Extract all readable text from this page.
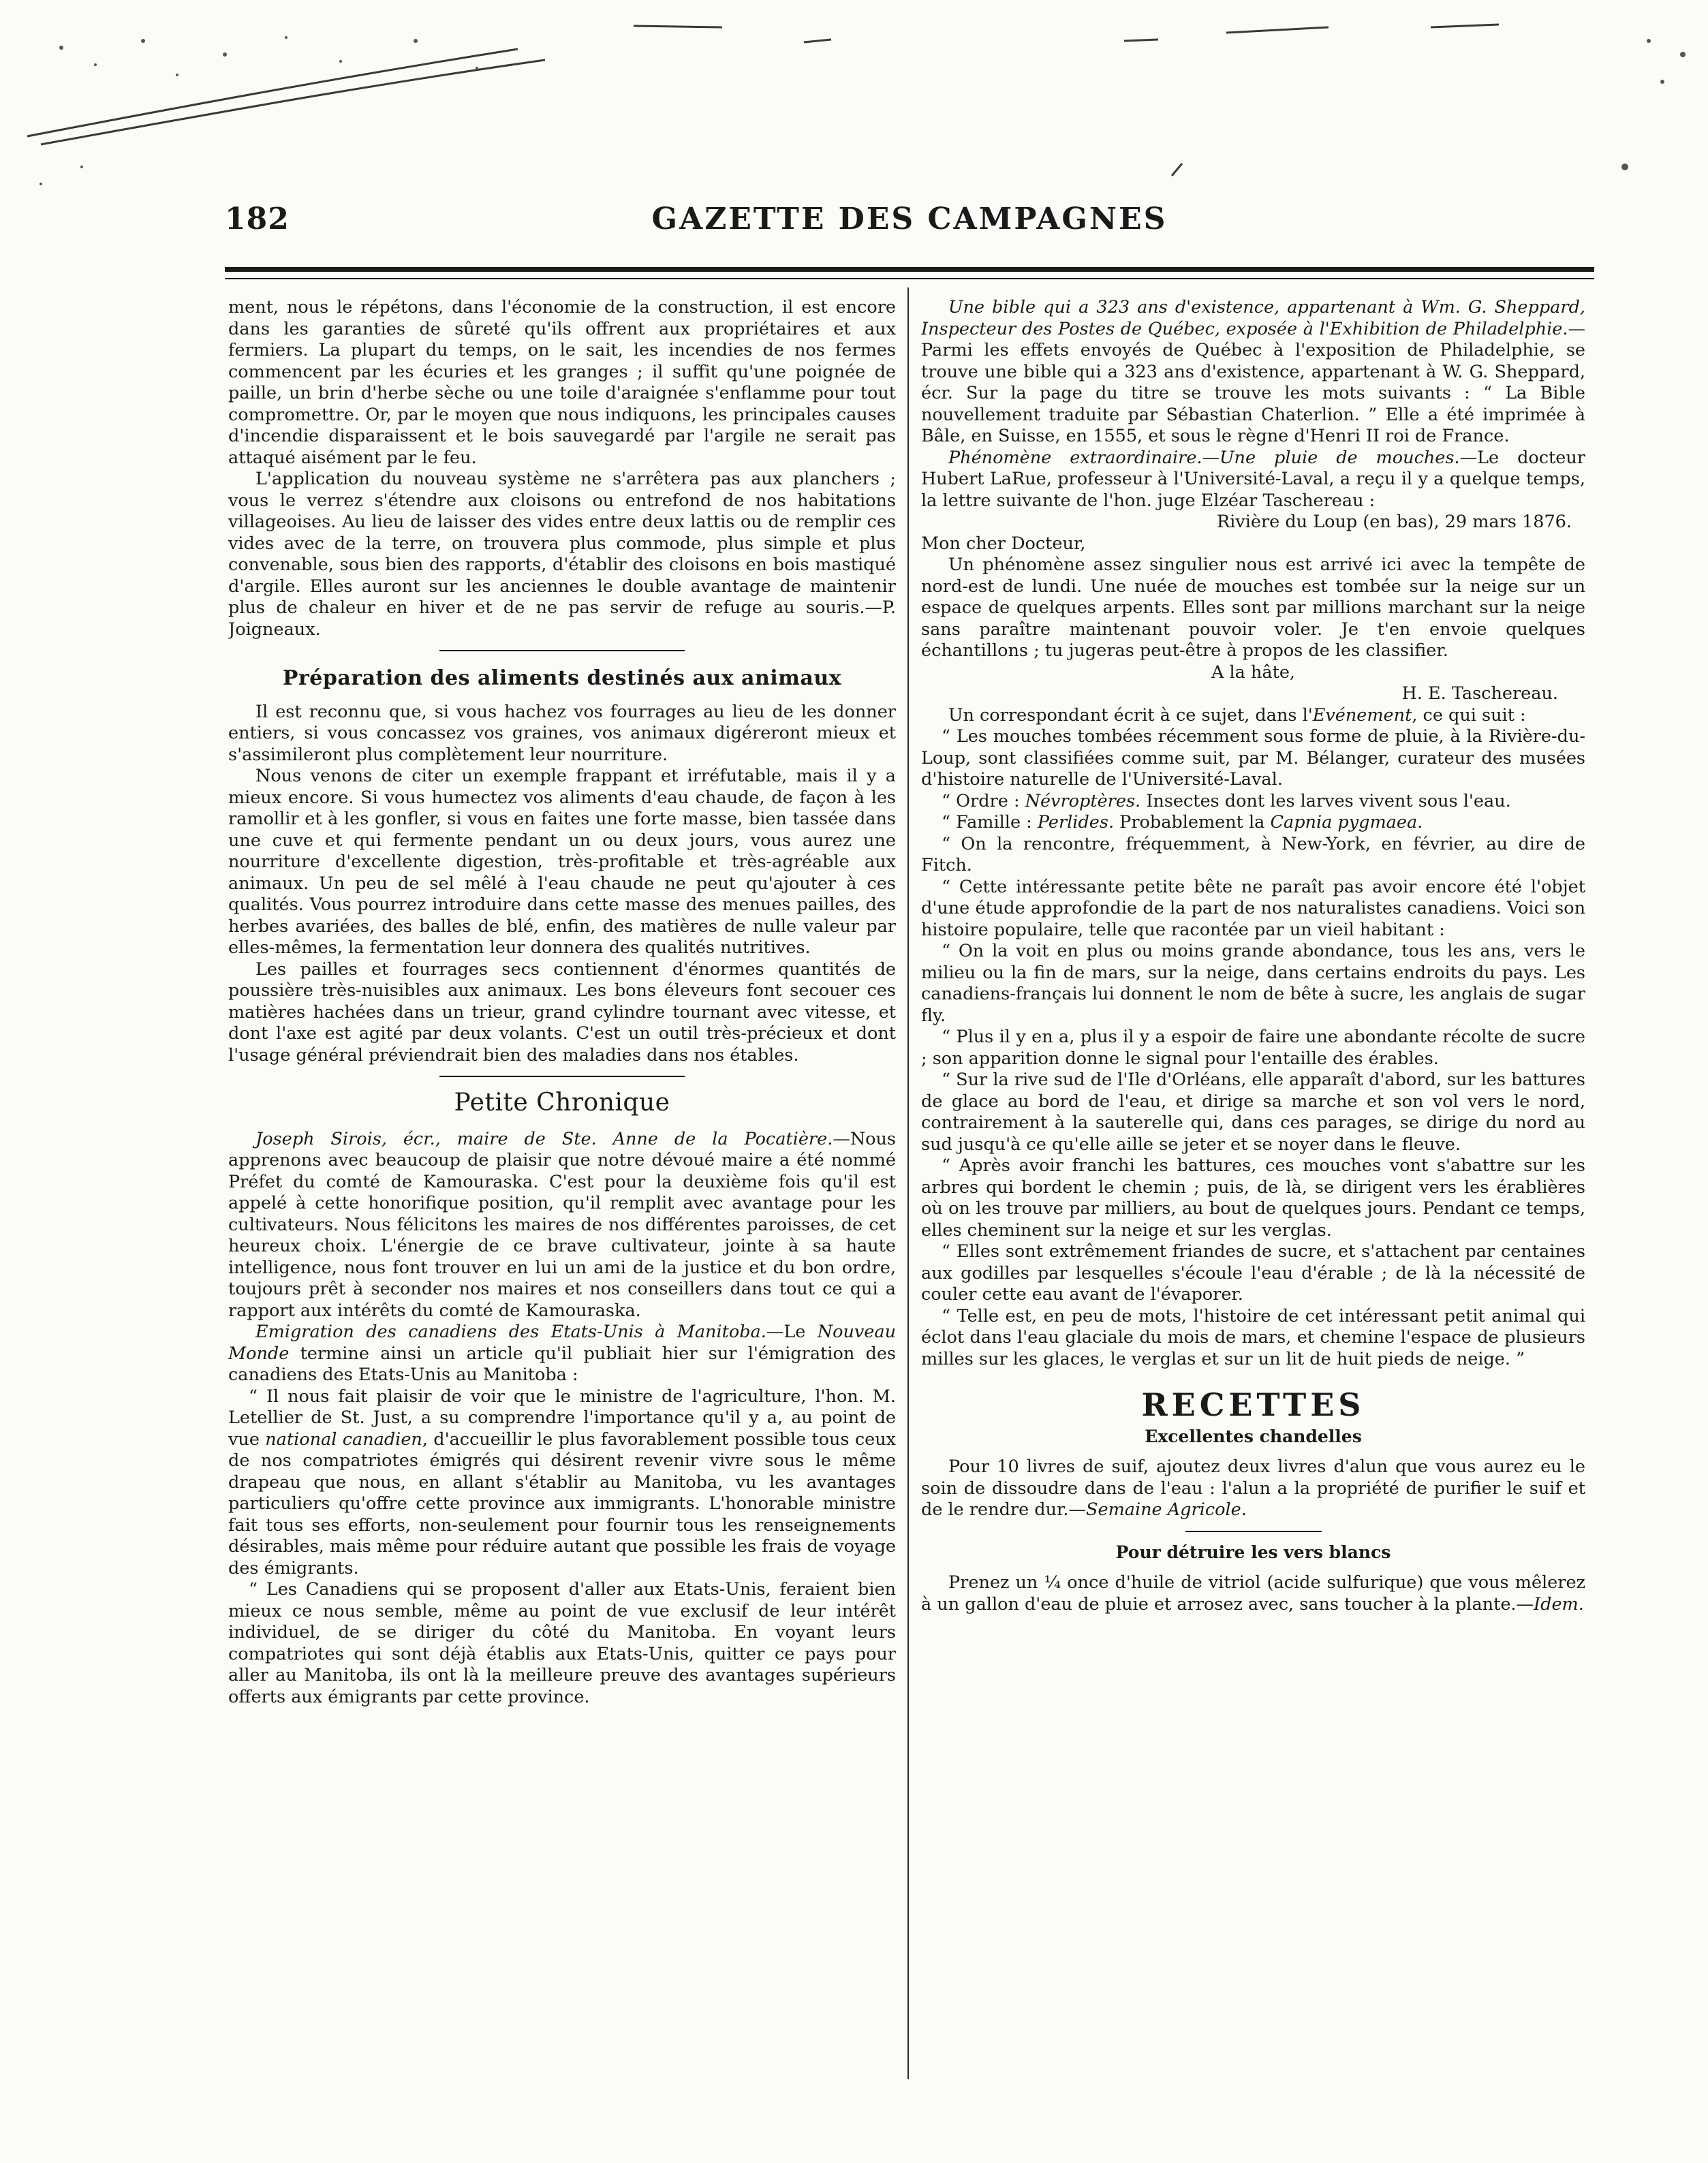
182	GAZETTE DES CAMPAGNES

ment, nous le répétons, dans l'économie de la construction, il est encore dans les garanties de sûreté qu'ils offrent aux propriétaires et aux fermiers. La plupart du temps, on le sait, les incendies de nos fermes commencent par les écuries et les granges ; il suffit qu'une poignée de paille, un brin d'herbe sèche ou une toile d'araignée s'enflamme pour tout compromettre. Or, par le moyen que nous indiquons, les principales causes d'incendie disparaissent et le bois sauvegardé par l'argile ne serait pas attaqué aisément par le feu.

L'application du nouveau système ne s'arrêtera pas aux planchers ; vous le verrez s'étendre aux cloisons ou entrefond de nos habitations villageoises. Au lieu de laisser des vides entre deux lattis ou de remplir ces vides avec de la terre, on trouvera plus commode, plus simple et plus convenable, sous bien des rapports, d'établir des cloisons en bois mastiqué d'argile. Elles auront sur les anciennes le double avantage de maintenir plus de chaleur en hiver et de ne pas servir de refuge au souris.—P. Joigneaux.

Préparation des aliments destinés aux animaux

Il est reconnu que, si vous hachez vos fourrages au lieu de les donner entiers, si vous concassez vos graines, vos animaux digéreront mieux et s'assimileront plus complètement leur nourriture.

Nous venons de citer un exemple frappant et irréfutable, mais il y a mieux encore. Si vous humectez vos aliments d'eau chaude, de façon à les ramollir et à les gonfler, si vous en faites une forte masse, bien tassée dans une cuve et qui fermente pendant un ou deux jours, vous aurez une nourriture d'excellente digestion, très-profitable et très-agréable aux animaux. Un peu de sel mêlé à l'eau chaude ne peut qu'ajouter à ces qualités. Vous pourrez introduire dans cette masse des menues pailles, des herbes avariées, des balles de blé, enfin, des matières de nulle valeur par elles-mêmes, la fermentation leur donnera des qualités nutritives.

Les pailles et fourrages secs contiennent d'énormes quantités de poussière très-nuisibles aux animaux. Les bons éleveurs font secouer ces matières hachées dans un trieur, grand cylindre tournant avec vitesse, et dont l'axe est agité par deux volants. C'est un outil très-précieux et dont l'usage général préviendrait bien des maladies dans nos étables.

Petite Chronique

Joseph Sirois, écr., maire de Ste. Anne de la Pocatière.—Nous apprenons avec beaucoup de plaisir que notre dévoué maire a été nommé Préfet du comté de Kamouraska. C'est pour la deuxième fois qu'il est appelé à cette honorifique position, qu'il remplit avec avantage pour les cultivateurs. Nous félicitons les maires de nos différentes paroisses, de cet heureux choix. L'énergie de ce brave cultivateur, jointe à sa haute intelligence, nous font trouver en lui un ami de la justice et du bon ordre, toujours prêt à seconder nos maires et nos conseillers dans tout ce qui a rapport aux intérêts du comté de Kamouraska.

Emigration des canadiens des Etats-Unis à Manitoba.—Le Nouveau Monde termine ainsi un article qu'il publiait hier sur l'émigration des canadiens des Etats-Unis au Manitoba :

“ Il nous fait plaisir de voir que le ministre de l'agriculture, l'hon. M. Letellier de St. Just, a su comprendre l'importance qu'il y a, au point de vue national canadien, d'accueillir le plus favorablement possible tous ceux de nos compatriotes émigrés qui désirent revenir vivre sous le même drapeau que nous, en allant s'établir au Manitoba, vu les avantages particuliers qu'offre cette province aux immigrants. L'honorable ministre fait tous ses efforts, non-seulement pour fournir tous les renseignements désirables, mais même pour réduire autant que possible les frais de voyage des émigrants.

“ Les Canadiens qui se proposent d'aller aux Etats-Unis, feraient bien mieux ce nous semble, même au point de vue exclusif de leur intérêt individuel, de se diriger du côté du Manitoba. En voyant leurs compatriotes qui sont déjà établis aux Etats-Unis, quitter ce pays pour aller au Manitoba, ils ont là la meilleure preuve des avantages supérieurs offerts aux émigrants par cette province.

Une bible qui a 323 ans d'existence, appartenant à Wm. G. Sheppard, Inspecteur des Postes de Québec, exposée à l'Exhibition de Philadelphie.—Parmi les effets envoyés de Québec à l'exposition de Philadelphie, se trouve une bible qui a 323 ans d'existence, appartenant à W. G. Sheppard, écr. Sur la page du titre se trouve les mots suivants : “ La Bible nouvellement traduite par Sébastian Chaterlion. ” Elle a été imprimée à Bâle, en Suisse, en 1555, et sous le règne d'Henri II roi de France.

Phénomène extraordinaire.—Une pluie de mouches.—Le docteur Hubert LaRue, professeur à l'Université-Laval, a reçu il y a quelque temps, la lettre suivante de l'hon. juge Elzéar Taschereau :

Rivière du Loup (en bas), 29 mars 1876.

Mon cher Docteur,

Un phénomène assez singulier nous est arrivé ici avec la tempête de nord-est de lundi. Une nuée de mouches est tombée sur la neige sur un espace de quelques arpents. Elles sont par millions marchant sur la neige sans paraître maintenant pouvoir voler. Je t'en envoie quelques échantillons ; tu jugeras peut-être à propos de les classifier.

A la hâte,
H. E. Taschereau.

Un correspondant écrit à ce sujet, dans l'Evénement, ce qui suit :

“ Les mouches tombées récemment sous forme de pluie, à la Rivière-du-Loup, sont classifiées comme suit, par M. Bélanger, curateur des musées d'histoire naturelle de l'Université-Laval.

“ Ordre : Névroptères. Insectes dont les larves vivent sous l'eau.

“ Famille : Perlides. Probablement la Capnia pygmaea.

“ On la rencontre, fréquemment, à New-York, en février, au dire de Fitch.

“ Cette intéressante petite bête ne paraît pas avoir encore été l'objet d'une étude approfondie de la part de nos naturalistes canadiens. Voici son histoire populaire, telle que racontée par un vieil habitant :

“ On la voit en plus ou moins grande abondance, tous les ans, vers le milieu ou la fin de mars, sur la neige, dans certains endroits du pays. Les canadiens-français lui donnent le nom de bête à sucre, les anglais de sugar fly.

“ Plus il y en a, plus il y a espoir de faire une abondante récolte de sucre ; son apparition donne le signal pour l'entaille des érables.

“ Sur la rive sud de l'Ile d'Orléans, elle apparaît d'abord, sur les battures de glace au bord de l'eau, et dirige sa marche et son vol vers le nord, contrairement à la sauterelle qui, dans ces parages, se dirige du nord au sud jusqu'à ce qu'elle aille se jeter et se noyer dans le fleuve.

“ Après avoir franchi les battures, ces mouches vont s'abattre sur les arbres qui bordent le chemin ; puis, de là, se dirigent vers les érablières où on les trouve par milliers, au bout de quelques jours. Pendant ce temps, elles cheminent sur la neige et sur les verglas.

“ Elles sont extrêmement friandes de sucre, et s'attachent par centaines aux godilles par lesquelles s'écoule l'eau d'érable ; de là la nécessité de couler cette eau avant de l'évaporer.

“ Telle est, en peu de mots, l'histoire de cet intéressant petit animal qui éclot dans l'eau glaciale du mois de mars, et chemine l'espace de plusieurs milles sur les glaces, le verglas et sur un lit de huit pieds de neige. ”

RECETTES
Excellentes chandelles

Pour 10 livres de suif, ajoutez deux livres d'alun que vous aurez eu le soin de dissoudre dans de l'eau : l'alun a la propriété de purifier le suif et de le rendre dur.—Semaine Agricole.

Pour détruire les vers blancs

Prenez un ¼ once d'huile de vitriol (acide sulfurique) que vous mêlerez à un gallon d'eau de pluie et arrosez avec, sans toucher à la plante.—Idem.
